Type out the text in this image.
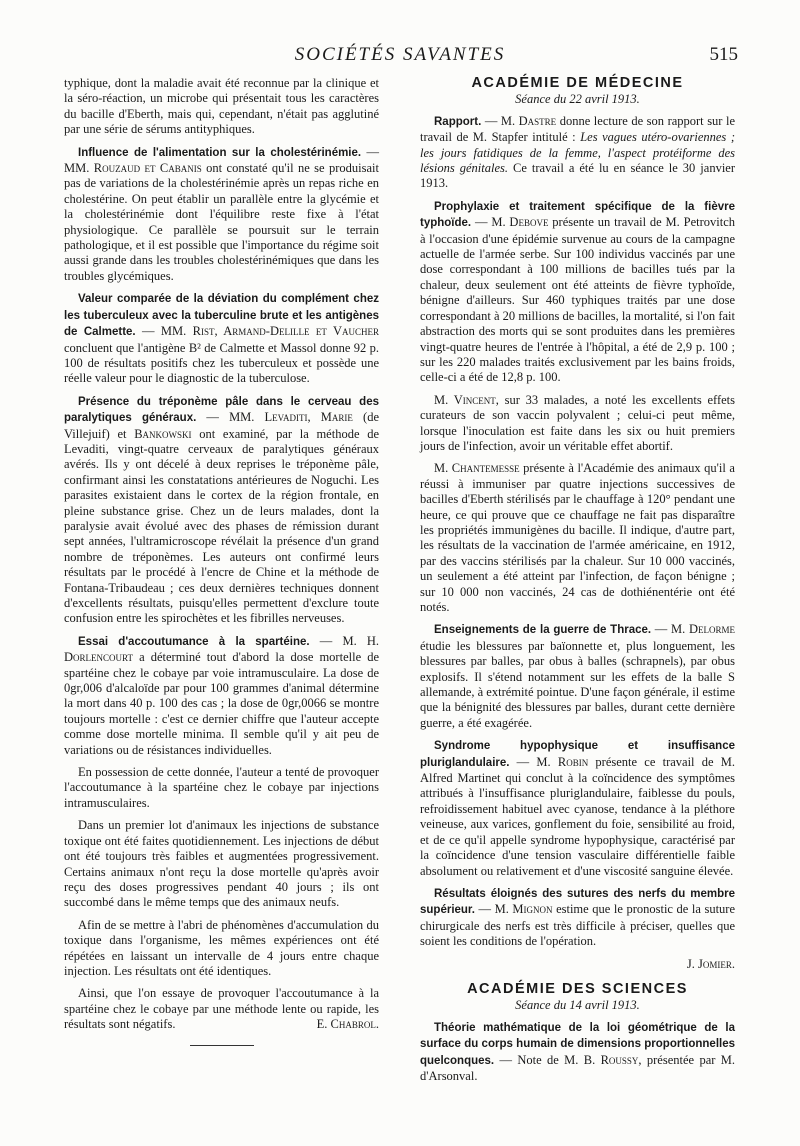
SOCIÉTÉS SAVANTES	515

typhique, dont la maladie avait été reconnue par la clinique et la séro-réaction, un microbe qui présentait tous les caractères du bacille d'Eberth, mais qui, cependant, n'était pas agglutiné par une série de sérums antityphiques.

Influence de l'alimentation sur la cholestérinémie. — MM. Rouzaud et Cabanis ont constaté qu'il ne se produisait pas de variations de la cholestérinémie après un repas riche en cholestérine. On peut établir un parallèle entre la glycémie et la cholestérinémie dont l'équilibre reste fixe à l'état physiologique. Ce parallèle se poursuit sur le terrain pathologique, et il est possible que l'importance du régime soit aussi grande dans les troubles cholestérinémiques que dans les troubles glycémiques.

Valeur comparée de la déviation du complément chez les tuberculeux avec la tuberculine brute et les antigènes de Calmette. — MM. Rist, Armand-Delille et Vaucher concluent que l'antigène B² de Calmette et Massol donne 92 p. 100 de résultats positifs chez les tuberculeux et possède une réelle valeur pour le diagnostic de la tuberculose.

Présence du tréponème pâle dans le cerveau des paralytiques généraux. — MM. Levaditi, Marie (de Villejuif) et Bankowski ont examiné, par la méthode de Levaditi, vingt-quatre cerveaux de paralytiques généraux avérés. Ils y ont décelé à deux reprises le tréponème pâle, confirmant ainsi les constatations antérieures de Noguchi. Les parasites existaient dans le cortex de la région frontale, en pleine substance grise. Chez un de leurs malades, dont la paralysie avait évolué avec des phases de rémission durant sept années, l'ultramicroscope révélait la présence d'un grand nombre de tréponèmes. Les auteurs ont confirmé leurs résultats par le procédé à l'encre de Chine et la méthode de Fontana-Tribaudeau ; ces deux dernières techniques donnent d'excellents résultats, puisqu'elles permettent d'exclure toute confusion entre les spirochètes et les fibrilles nerveuses.

Essai d'accoutumance à la spartéine. — M. H. Dorlencourt a déterminé tout d'abord la dose mortelle de spartéine chez le cobaye par voie intramusculaire. La dose de 0gr,006 d'alcaloïde par pour 100 grammes d'animal détermine la mort dans 40 p. 100 des cas ; la dose de 0gr,0066 se montre toujours mortelle : c'est ce dernier chiffre que l'auteur accepte comme dose mortelle minima. Il semble qu'il y ait peu de variations ou de résistances individuelles.

En possession de cette donnée, l'auteur a tenté de provoquer l'accoutumance à la spartéine chez le cobaye par injections intramusculaires.

Dans un premier lot d'animaux les injections de substance toxique ont été faites quotidiennement. Les injections de début ont été toujours très faibles et augmentées progressivement. Certains animaux n'ont reçu la dose mortelle qu'après avoir reçu des doses progressives pendant 40 jours ; ils ont succombé dans le même temps que des animaux neufs.

Afin de se mettre à l'abri de phénomènes d'accumulation du toxique dans l'organisme, les mêmes expériences ont été répétées en laissant un intervalle de 4 jours entre chaque injection. Les résultats ont été identiques.

Ainsi, que l'on essaye de provoquer l'accoutumance à la spartéine chez le cobaye par une méthode lente ou rapide, les résultats sont négatifs.	E. Chabrol.

ACADÉMIE DE MÉDECINE
Séance du 22 avril 1913.

Rapport. — M. Dastre donne lecture de son rapport sur le travail de M. Stapfer intitulé : Les vagues utéro-ovariennes ; les jours fatidiques de la femme, l'aspect protéiforme des lésions génitales. Ce travail a été lu en séance le 30 janvier 1913.

Prophylaxie et traitement spécifique de la fièvre typhoïde. — M. Debove présente un travail de M. Petrovitch à l'occasion d'une épidémie survenue au cours de la campagne actuelle de l'armée serbe. Sur 100 individus vaccinés par une dose correspondant à 100 millions de bacilles tués par la chaleur, deux seulement ont été atteints de fièvre typhoïde, bénigne d'ailleurs. Sur 460 typhiques traités par une dose correspondant à 20 millions de bacilles, la mortalité, si l'on fait abstraction des morts qui se sont produites dans les premières vingt-quatre heures de l'entrée à l'hôpital, a été de 2,9 p. 100 ; sur les 220 malades traités exclusivement par les bains froids, celle-ci a été de 12,8 p. 100.

M. Vincent, sur 33 malades, a noté les excellents effets curateurs de son vaccin polyvalent ; celui-ci peut même, lorsque l'inoculation est faite dans les six ou huit premiers jours de l'infection, avoir un véritable effet abortif.

M. Chantemesse présente à l'Académie des animaux qu'il a réussi à immuniser par quatre injections successives de bacilles d'Eberth stérilisés par le chauffage à 120° pendant une heure, ce qui prouve que ce chauffage ne fait pas disparaître les propriétés immunigènes du bacille. Il indique, d'autre part, les résultats de la vaccination de l'armée américaine, en 1912, par des vaccins stérilisés par la chaleur. Sur 10 000 vaccinés, un seulement a été atteint par l'infection, de façon bénigne ; sur 10 000 non vaccinés, 24 cas de dothiénentérie ont été notés.

Enseignements de la guerre de Thrace. — M. Delorme étudie les blessures par baïonnette et, plus longuement, les blessures par balles, par obus à balles (schrapnels), par obus explosifs. Il s'étend notamment sur les effets de la balle S allemande, à extrémité pointue. D'une façon générale, il estime que la bénignité des blessures par balles, durant cette dernière guerre, a été exagérée.

Syndrome hypophysique et insuffisance pluriglandulaire. — M. Robin présente ce travail de M. Alfred Martinet qui conclut à la coïncidence des symptômes attribués à l'insuffisance pluriglandulaire, faiblesse du pouls, refroidissement habituel avec cyanose, tendance à la pléthore veineuse, aux varices, gonflement du foie, sensibilité au froid, et de ce qu'il appelle syndrome hypophysique, caractérisé par la coïncidence d'une tension vasculaire différentielle faible absolument ou relativement et d'une viscosité sanguine élevée.

Résultats éloignés des sutures des nerfs du membre supérieur. — M. Mignon estime que le pronostic de la suture chirurgicale des nerfs est très difficile à préciser, quelles que soient les conditions de l'opération.

J. Jomier.
ACADÉMIE DES SCIENCES
Séance du 14 avril 1913.

Théorie mathématique de la loi géométrique de la surface du corps humain de dimensions proportionnelles quelconques. — Note de M. B. Roussy, présentée par M. d'Arsonval.
